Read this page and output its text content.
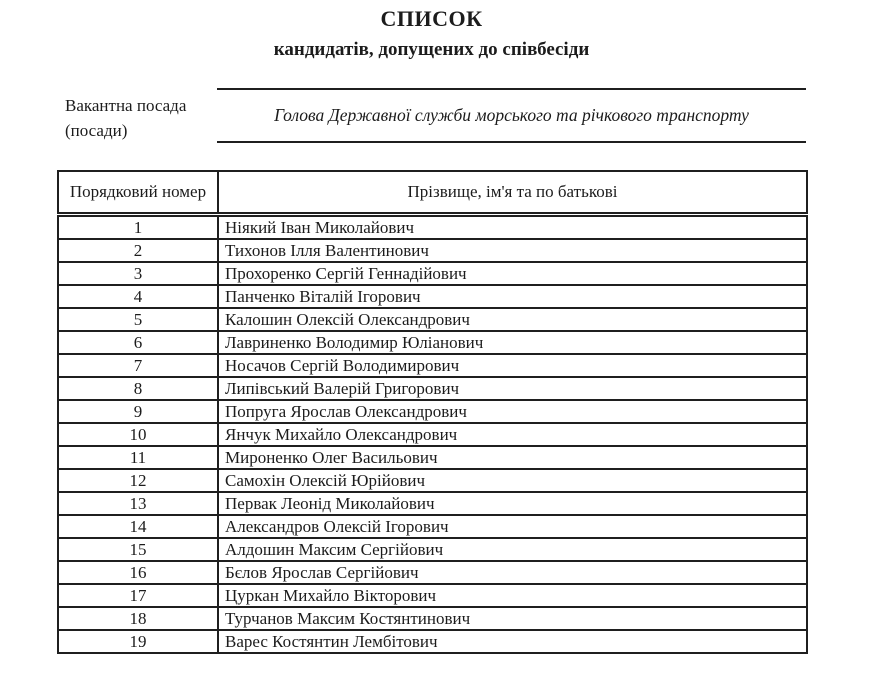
СПИСОК
кандидатів, допущених до співбесіди
Вакантна посада
(посади)
Голова Державної служби морського та річкового транспорту
Порядковий номер	Прізвище, ім'я та по батькові
1	Ніякий Іван Миколайович
2	Тихонов Ілля Валентинович
3	Прохоренко Сергій Геннадійович
4	Панченко Віталій Ігорович
5	Калошин Олексій Олександрович
6	Лавриненко Володимир Юліанович
7	Носачов Сергій Володимирович
8	Липівський Валерій Григорович
9	Попруга Ярослав Олександрович
10	Янчук Михайло Олександрович
11	Мироненко Олег Васильович
12	Самохін Олексій Юрійович
13	Первак Леонід Миколайович
14	Александров Олексій Ігорович
15	Алдошин Максим Сергійович
16	Бєлов Ярослав Сергійович
17	Цуркан Михайло Вікторович
18	Турчанов Максим Костянтинович
19	Варес Костянтин Лембітович
